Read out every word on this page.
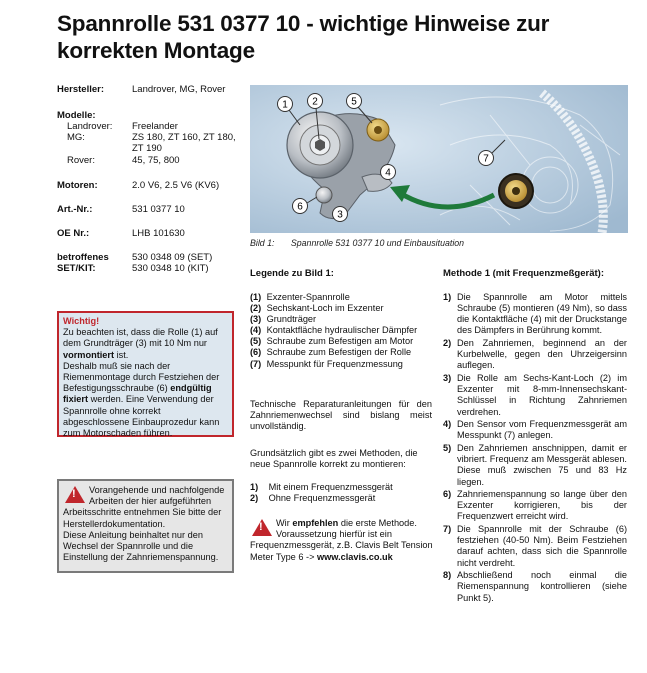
Spannrolle 531 0377 10 - wichtige Hinweise zur korrekten Montage
Hersteller:	Landrover, MG, Rover
Modelle:
Landrover: Freelander
MG:	ZS 180, ZT 160, ZT 180,
ZT 190
Rover:	45, 75, 800
Motoren:	2.0 V6, 2.5 V6 (KV6)
Art.-Nr.:	531 0377 10
OE Nr.:	LHB 101630
betroffenes 530 0348 09 (SET)
SET/KIT:	530 0348 10 (KIT)
Wichtig!
Zu beachten ist, dass die Rolle (1) auf dem Grundträger (3) mit 10 Nm nur vormontiert ist.
Deshalb muß sie nach der Riemenmontage durch Festziehen der Befestigungsschraube (6) endgültig fixiert werden. Eine Verwendung der Spannrolle ohne korrekt abgeschlossene Einbauprozedur kann zum Motorschaden führen.
!
Vorangehende und nachfolgende Arbeiten der hier aufgeführten Arbeitsschritte entnehmen Sie bitte der Herstellerdokumentation.
Diese Anleitung beinhaltet nur den Wechsel der Spannrolle und die Einstellung der Zahnriemenspannung.
1 2	5
4
6
3
7
Bild 1: Spannrolle 531 0377 10 und Einbausituation
Legende zu Bild 1:
(1) Exzenter-Spannrolle
(2) Sechskant-Loch im Exzenter
(3) Grundträger
(4) Kontaktfläche hydraulischer Dämpfer
(5) Schraube zum Befestigen am Motor
(6) Schraube zum Befestigen der Rolle
(7) Messpunkt für Frequenzmessung
Technische Reparaturanleitungen für den Zahnriemenwechsel sind bislang meist unvollständig.
Grundsätzlich gibt es zwei Methoden, die neue Spannrolle korrekt zu montieren:
1) Mit einem Frequenzmessgerät
2) Ohne Frequenzmessgerät
!
Wir empfehlen die erste Methode. Voraussetzung hierfür ist ein Frequenzmessgerät, z.B. Clavis Belt Tension Meter Type 6 -> www.clavis.co.uk
Methode 1 (mit Frequenzmeßgerät):
1) Die Spannrolle am Motor mittels Schraube (5) montieren (49 Nm), so dass die Kontaktfläche (4) mit der Druckstange des Dämpfers in Berührung kommt.
2) Den Zahnriemen, beginnend an der Kurbelwelle, gegen den Uhrzeigersinn auflegen.
3) Die Rolle am Sechs-Kant-Loch (2) im Exzenter mit 8-mm-Innensechskant-Schlüssel in Richtung Zahnriemen verdrehen.
4) Den Sensor vom Frequenzmessgerät am Messpunkt (7) anlegen.
5) Den Zahnriemen anschnippen, damit er vibriert. Frequenz am Messgerät ablesen. Diese muß zwischen 75 und 83 Hz liegen.
6) Zahnriemenspannung so lange über den Exzenter korrigieren, bis der Frequenzwert erreicht wird.
7) Die Spannrolle mit der Schraube (6) festziehen (40-50 Nm). Beim Festziehen darauf achten, dass sich die Spannrolle nicht verdreht.
8) Abschließend noch einmal die Riemenspannung kontrollieren (siehe Punkt 5).
